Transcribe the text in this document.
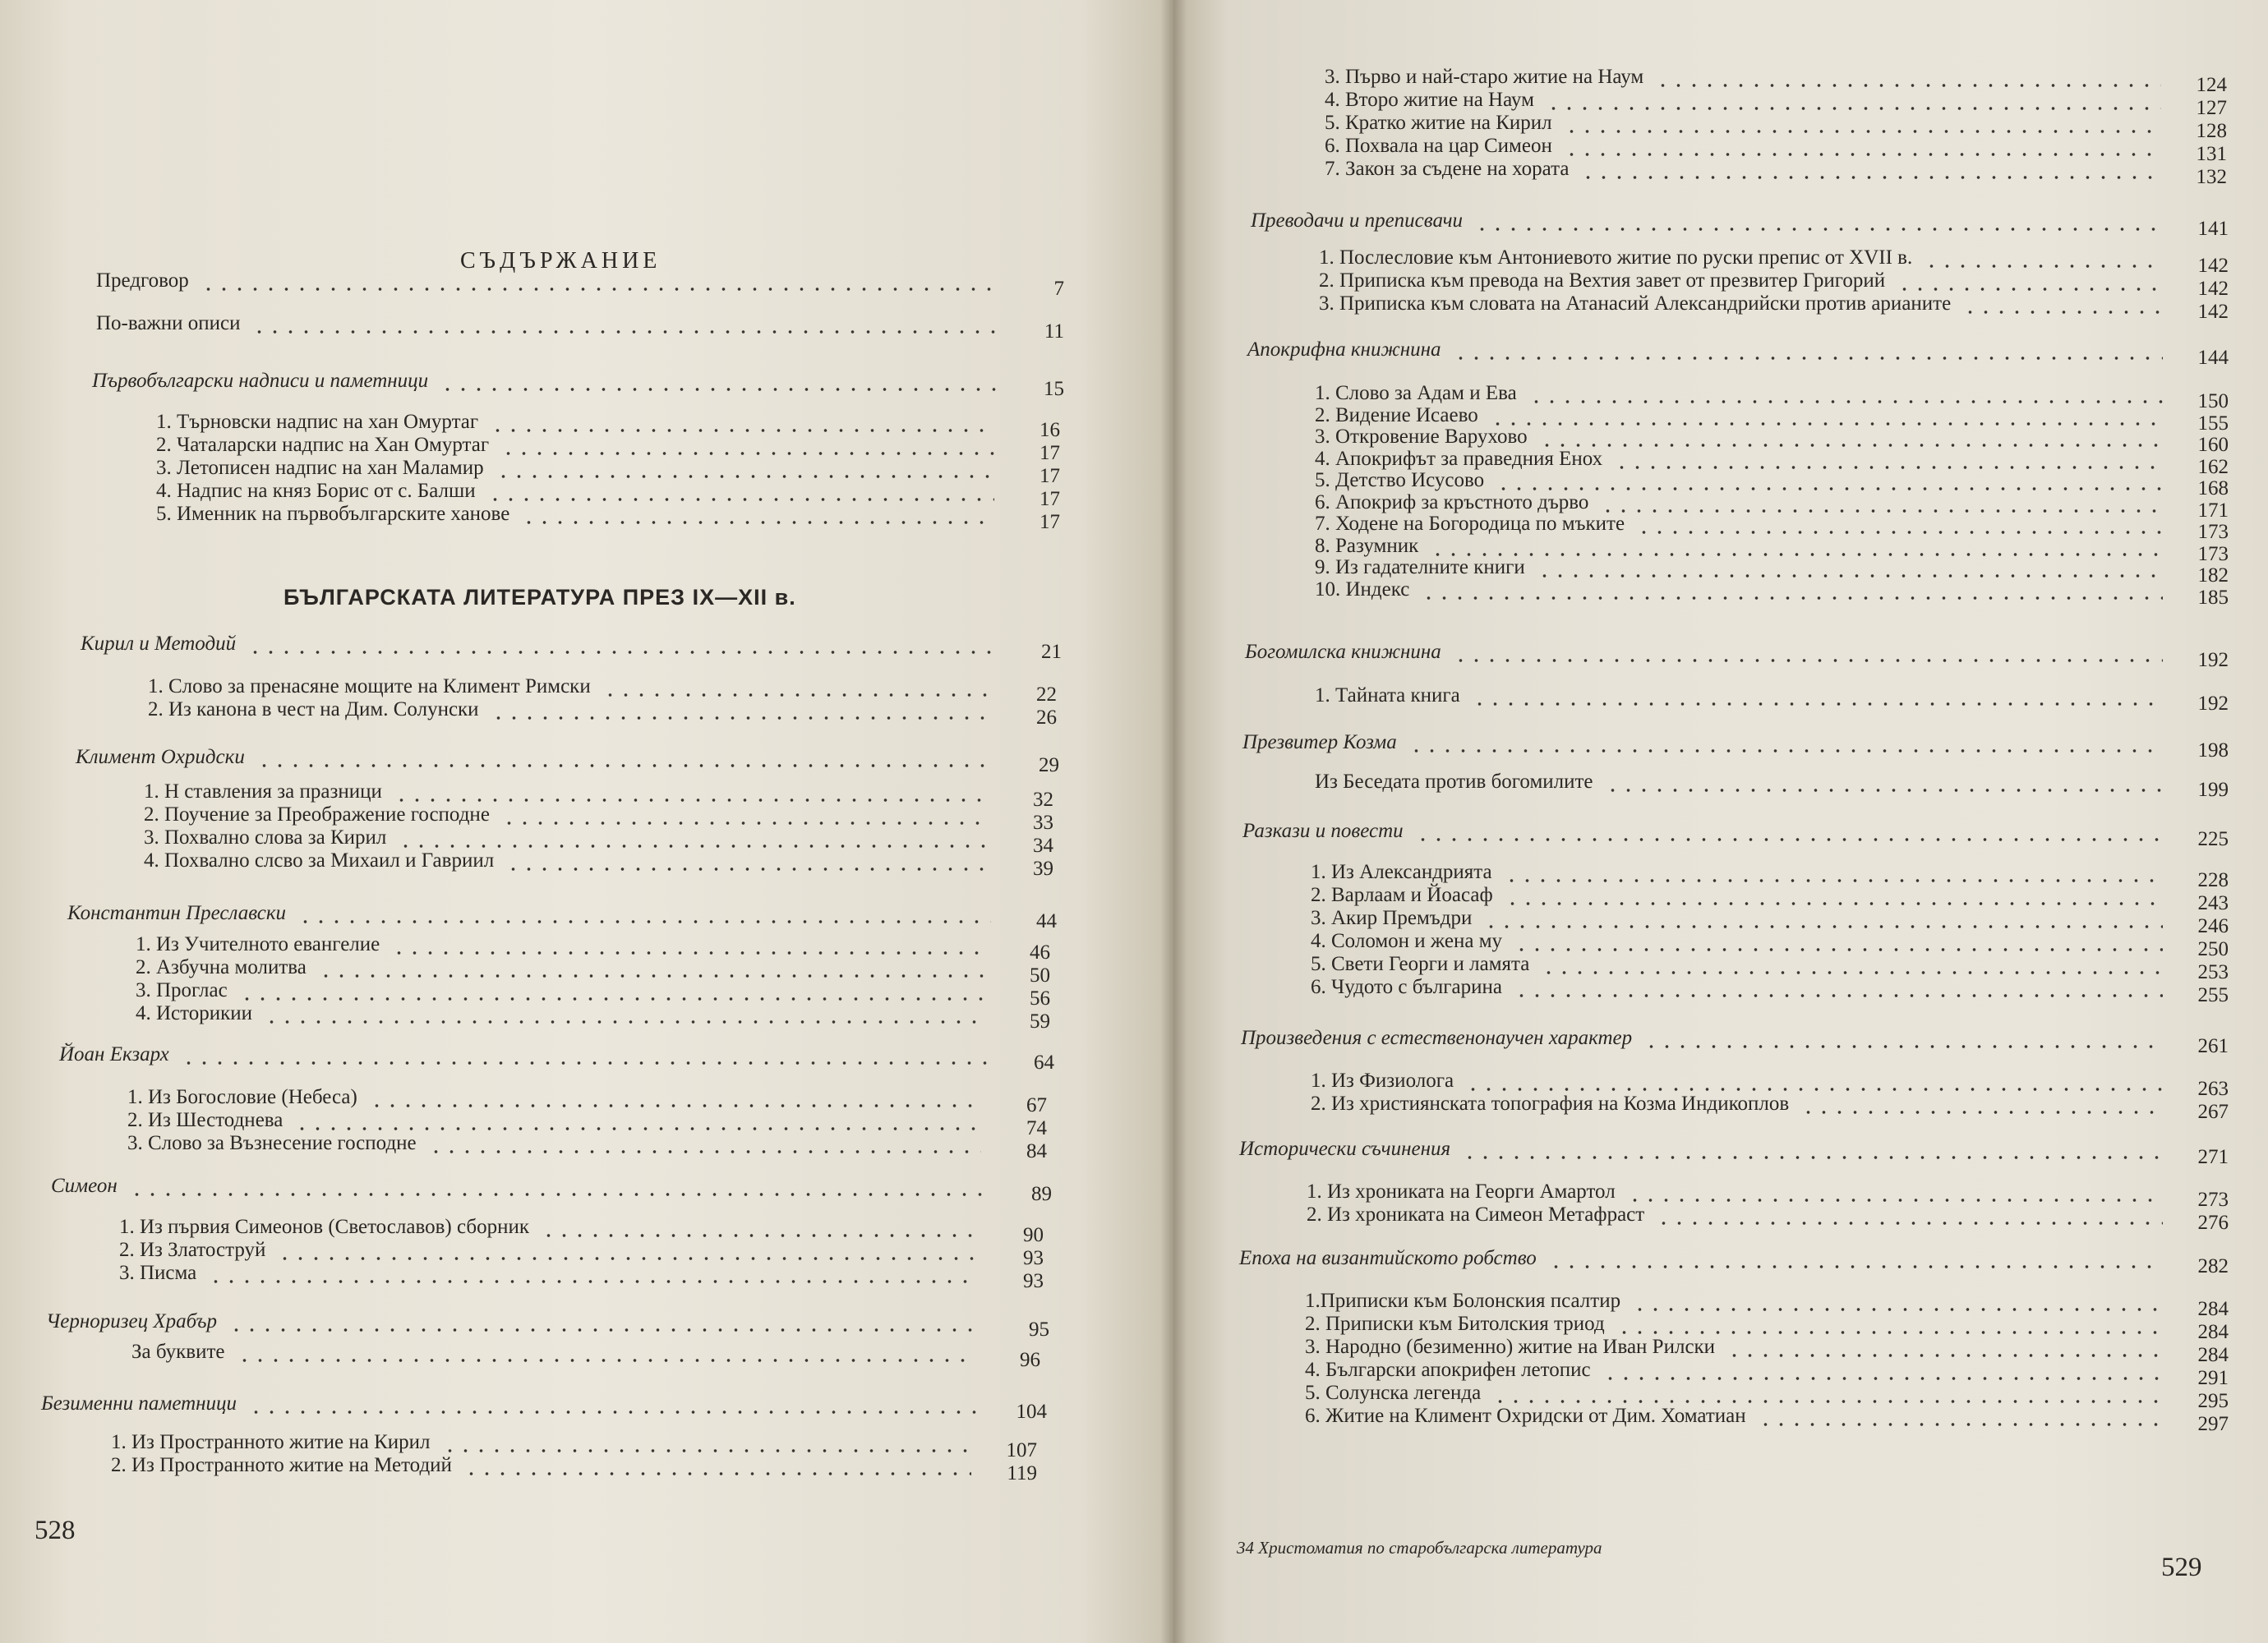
Предговор	7
По-важни описи	11
Първобългарски надписи и паметници	15
1. Търновски надпис на хан Омуртаг	16
2. Чаталарски надпис на Хан Омуртаг	17
3. Летописен надпис на хан Маламир	17
4. Надпис на княз Борис от с. Балши	17
5. Именник на първобългарските ханове	17
Кирил и Методий	21
1. Слово за пренасяне мощите на Климент Римски	22
2. Из канона в чест на Дим. Солунски	26
Климент Охридски	29
1. Н ставления за празници	32
2. Поучение за Преображение господне	33
3. Похвално слова за Кирил	34
4. Похвално слсво за Михаил и Гавриил	39
Константин Преславски	44
1. Из Учителното евангелие	46
2. Азбучна молитва	50
3. Проглас	56
4. Историкии	59
Йоан Екзарх	64
1. Из Богословие (Небеса)	67
2. Из Шестоднева	74
3. Слово за Възнесение господне	84
Симеон	89
1. Из първия Симеонов (Светославов) сборник	90
2. Из Златоструй	93
3. Писма	93
Черноризец Храбър	95
За буквите	96
Безименни паметници	104
1. Из Пространното житие на Кирил	107
2. Из Пространното житие на Методий	119
3. Първо и най-старо житие на Наум	124
4. Второ житие на Наум	127
5. Кратко житие на Кирил	128
6. Похвала на цар Симеон	131
7. Закон за съдене на хората	132
Преводачи и преписвачи	141
1. Послесловие към Антониевото житие по руски препис от XVII в.	142
2. Приписка към превода на Вехтия завет от презвитер Григорий	142
3. Приписка към словата на Атанасий Александрийски против арианите	142
Апокрифна книжнина	144
1. Слово за Адам и Ева	150
2. Видение Исаево	155
3. Откровение Варухово	160
4. Апокрифът за праведния Енох	162
5. Детство Исусово	168
6. Апокриф за кръстното дърво	171
7. Ходене на Богородица по мъките	173
8. Разумник	173
9. Из гадателните книги	182
10. Индекс	185
Богомилска книжнина	192
1. Тайната книга	192
Презвитер Козма	198
Из Беседата против богомилите	199
Разкази и повести	225
1. Из Александрията	228
2. Варлаам и Йоасаф	243
3. Акир Премъдри	246
4. Соломон и жена му	250
5. Свети Георги и ламята	253
6. Чудото с българина	255
Произведения с естественонаучен характер	261
1. Из Физиолога	263
2. Из християнската топография на Козма Индикоплов	267
Исторически съчинения	271
1. Из хрониката на Георги Амартол	273
2. Из хрониката на Симеон Метафраст	276
Епоха на византийското робство	282
1.Приписки към Болонския псалтир	284
2. Приписки към Битолския триод	284
3. Народно (безименно) житие на Иван Рилски	284
4. Български апокрифен летопис	291
5. Солунска легенда	295
6. Житие на Климент Охридски от Дим. Хоматиан	297
СЪДЪРЖАНИЕ
БЪЛГАРСКАТА ЛИТЕРАТУРА ПРЕЗ IX—XII в.
528
529
34 Христоматия по старобългарска литература
